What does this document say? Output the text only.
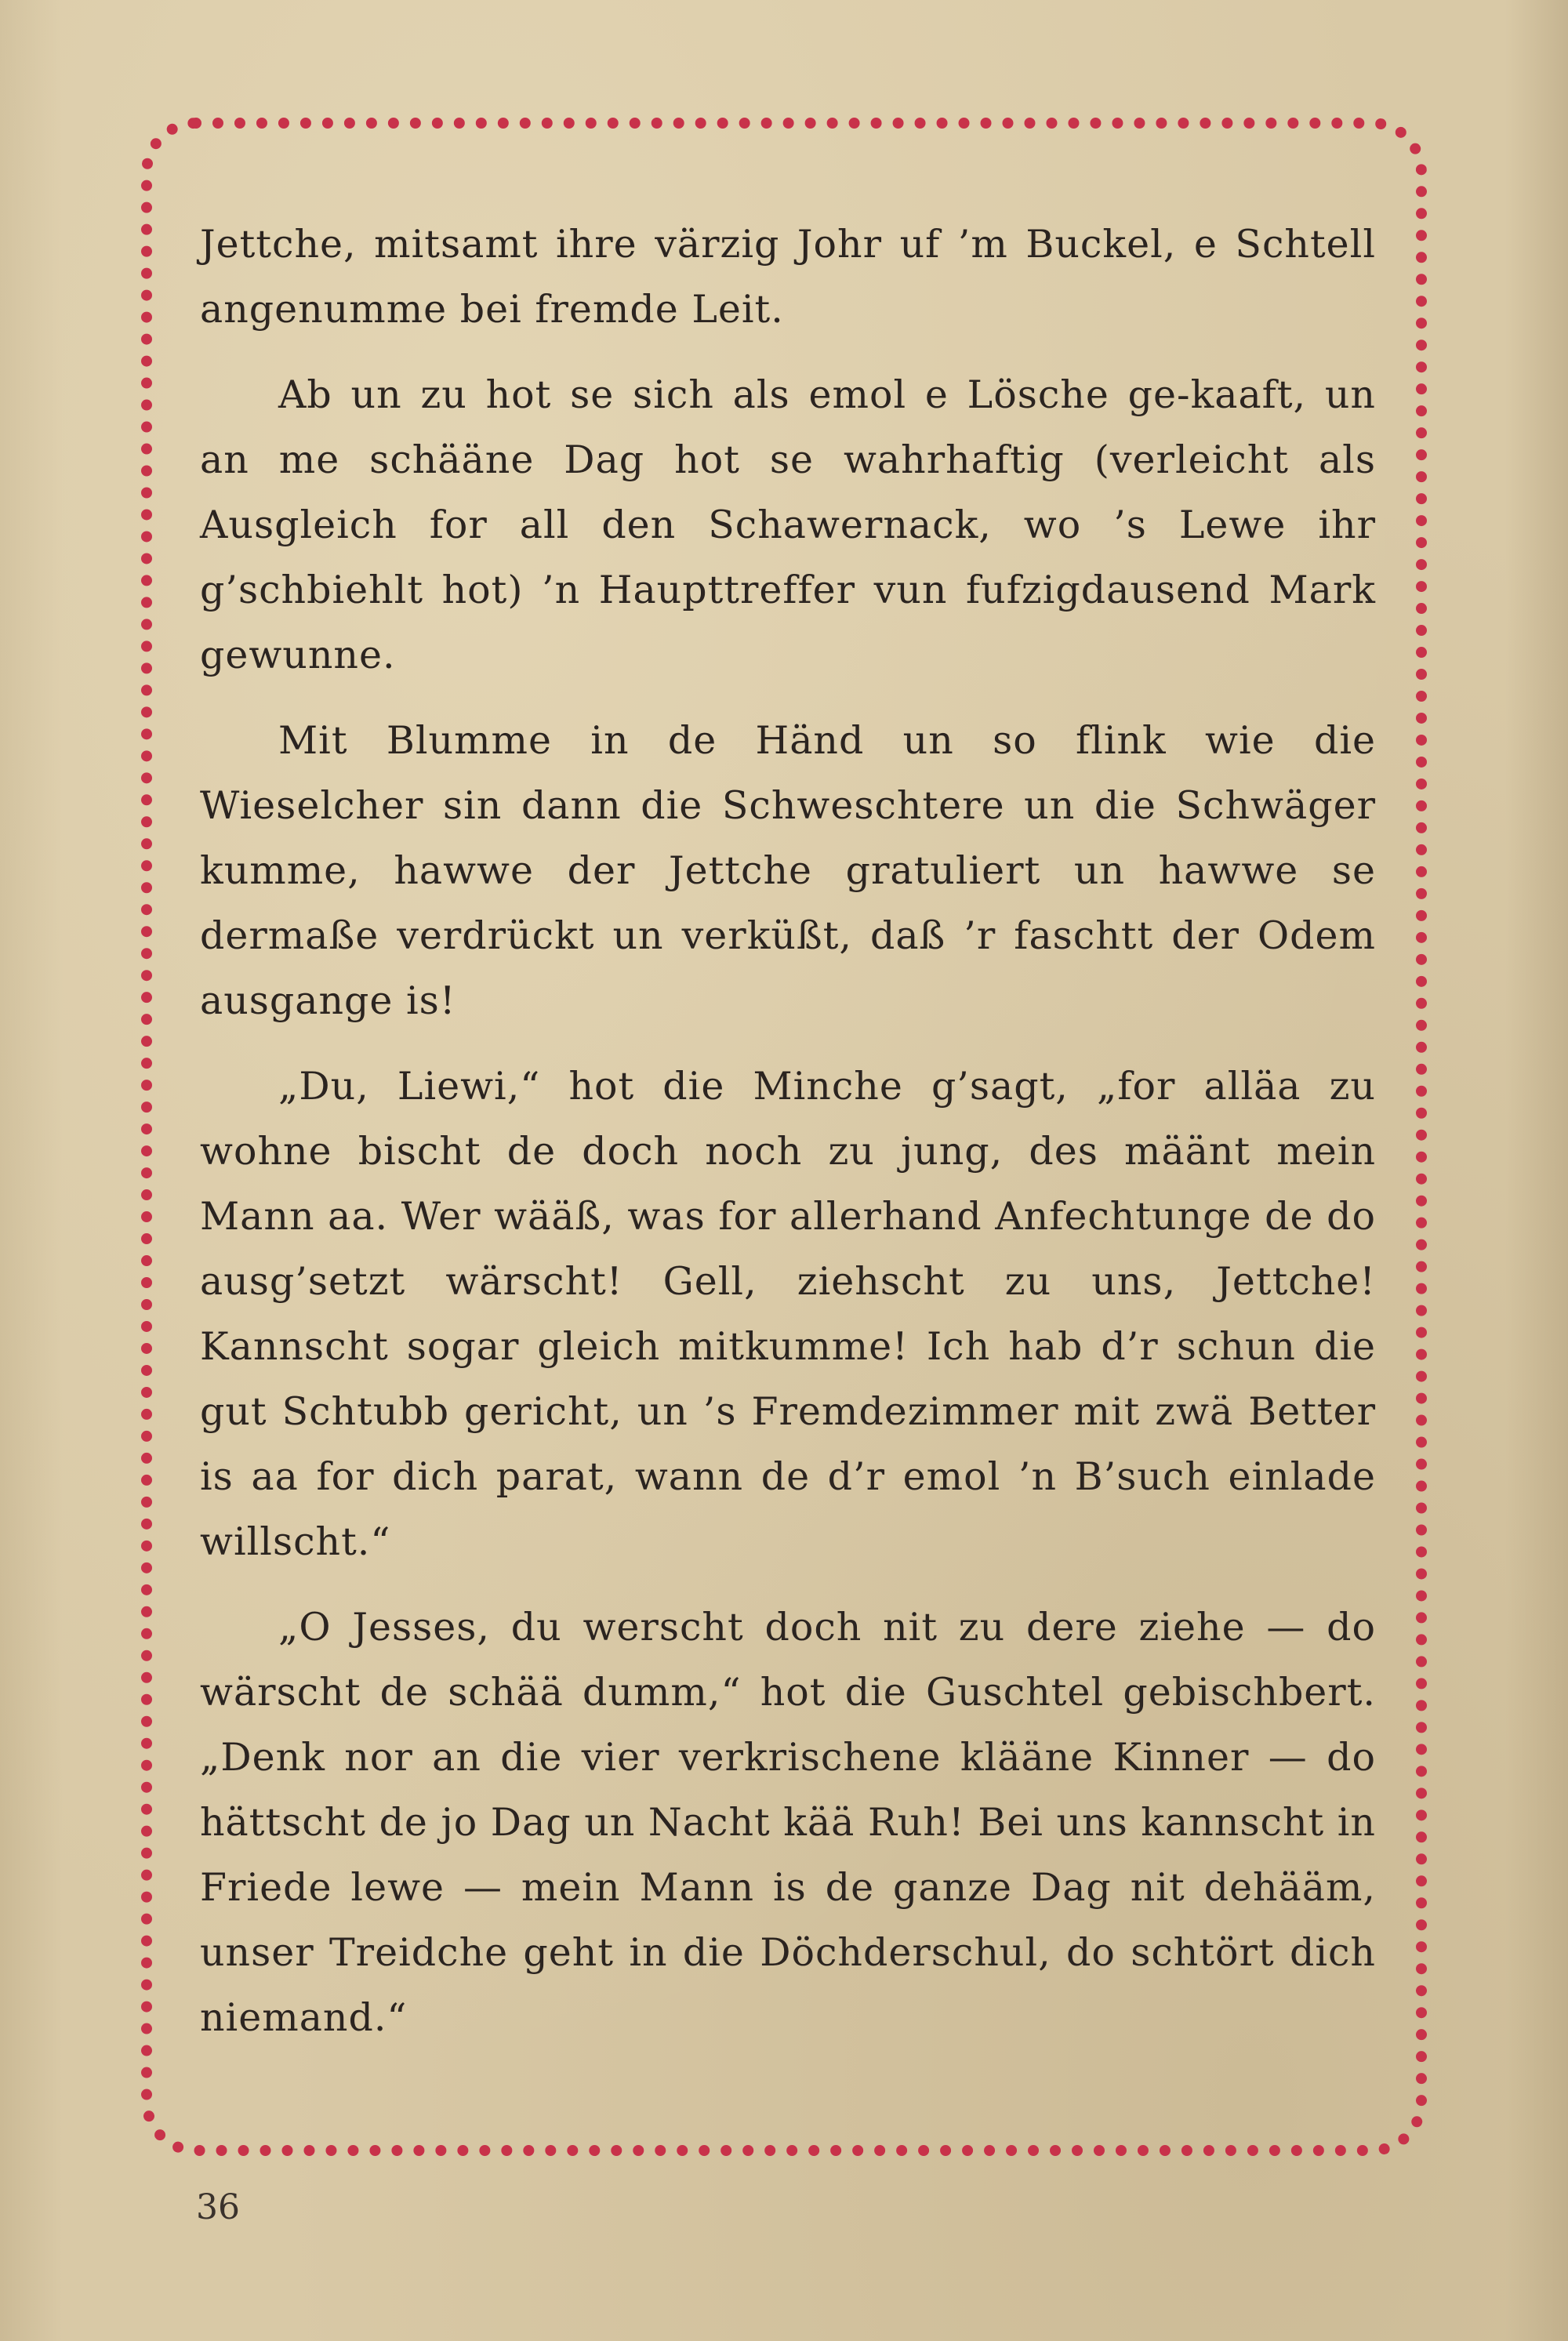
Jettche, mitsamt ihre värzig Johr uf ’m Buckel, e Schtell angenumme bei fremde Leit.

Ab un zu hot se sich als emol e Lösche ge-kaaft, un an me schääne Dag hot se wahrhaftig (verleicht als Ausgleich for all den Schawernack, wo ’s Lewe ihr g’schbiehlt hot) ’n Haupttreffer vun fufzigdausend Mark gewunne.

Mit Blumme in de Händ un so flink wie die Wieselcher sin dann die Schweschtere un die Schwäger kumme, hawwe der Jettche gratuliert un hawwe se dermaße verdrückt un verküßt, daß ’r faschtt der Odem ausgange is!

„Du, Liewi,“ hot die Minche g’sagt, „for alläa zu wohne bischt de doch noch zu jung, des määnt mein Mann aa. Wer wääß, was for allerhand Anfechtunge de do ausg’setzt wärscht! Gell, ziehscht zu uns, Jettche! Kannscht sogar gleich mitkumme! Ich hab d’r schun die gut Schtubb gericht, un ’s Fremdezimmer mit zwä Better is aa for dich parat, wann de d’r emol ’n B’such einlade willscht.“

„O Jesses, du werscht doch nit zu dere ziehe — do wärscht de schää dumm,“ hot die Guschtel gebischbert. „Denk nor an die vier verkrischene klääne Kinner — do hättscht de jo Dag un Nacht kää Ruh! Bei uns kannscht in Friede lewe — mein Mann is de ganze Dag nit dehääm, unser Treidche geht in die Döchderschul, do schtört dich niemand.“

36
